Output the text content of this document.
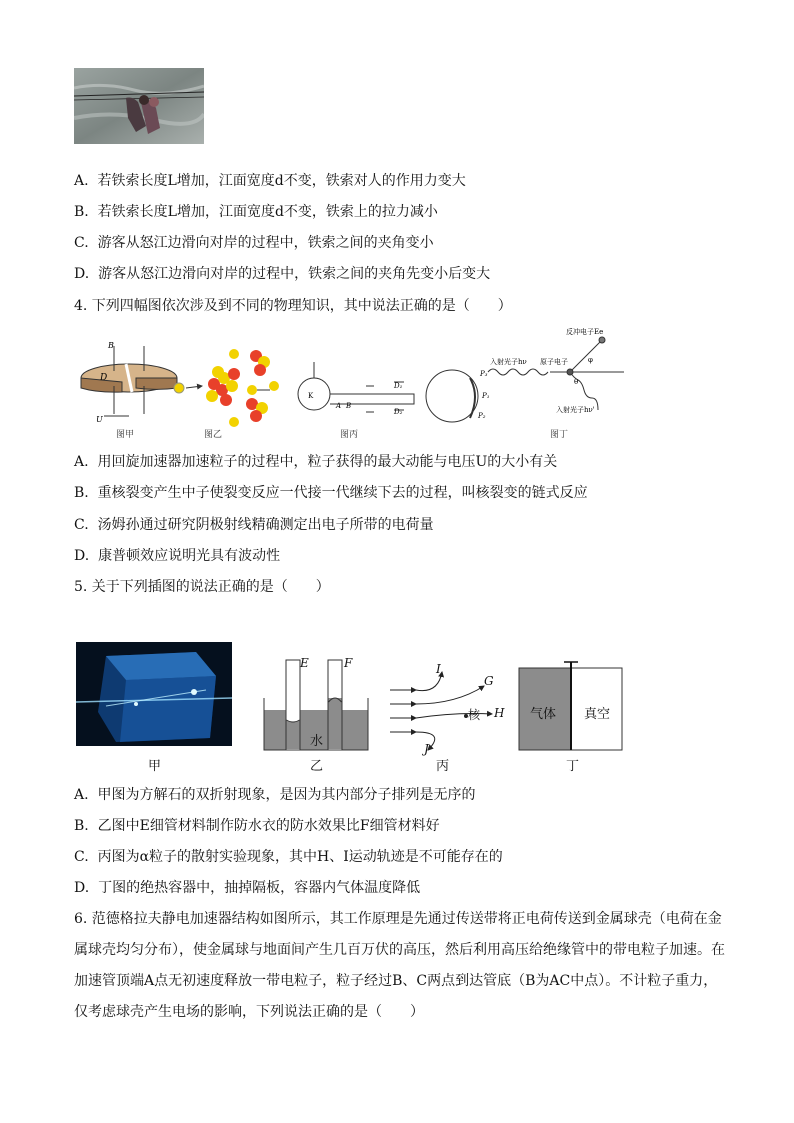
A. 若铁索长度L增加，江面宽度d不变，铁索对人的作用力变大
B. 若铁索长度L增加，江面宽度d不变，铁索上的拉力减小
C. 游客从怒江边滑向对岸的过程中，铁索之间的夹角变小
D. 游客从怒江边滑向对岸的过程中，铁索之间的夹角先变小后变大
4. 下列四幅图依次涉及到不同的物理知识，其中说法正确的是（　　）
B
D
U
K
A B
D₁
D₂
P₃
P₁
P₂
反冲电子Ee
入射光子hν 原子电子
入射光子hν'
θ
φ
图甲	图乙	图丙	图丁
A. 用回旋加速器加速粒子的过程中，粒子获得的最大动能与电压U的大小有关
B. 重核裂变产生中子使裂变反应一代接一代继续下去的过程，叫核裂变的链式反应
C. 汤姆孙通过研究阴极射线精确测定出电子所带的电荷量
D. 康普顿效应说明光具有波动性
5. 关于下列插图的说法正确的是（　　）
E	F
水
I
G
核 H
J
气体 真空
甲	乙	丙	丁
A. 甲图为方解石的双折射现象，是因为其内部分子排列是无序的
B. 乙图中E细管材料制作防水衣的防水效果比F细管材料好
C. 丙图为α粒子的散射实验现象，其中H、I运动轨迹是不可能存在的
D. 丁图的绝热容器中，抽掉隔板，容器内气体温度降低
6. 范德格拉夫静电加速器结构如图所示，其工作原理是先通过传送带将正电荷传送到金属球壳（电荷在金
属球壳均匀分布），使金属球与地面间产生几百万伏的高压，然后利用高压给绝缘管中的带电粒子加速。在
加速管顶端A点无初速度释放一带电粒子，粒子经过B、C两点到达管底（B为AC中点）。不计粒子重力，
仅考虑球壳产生电场的影响，下列说法正确的是（　　）
